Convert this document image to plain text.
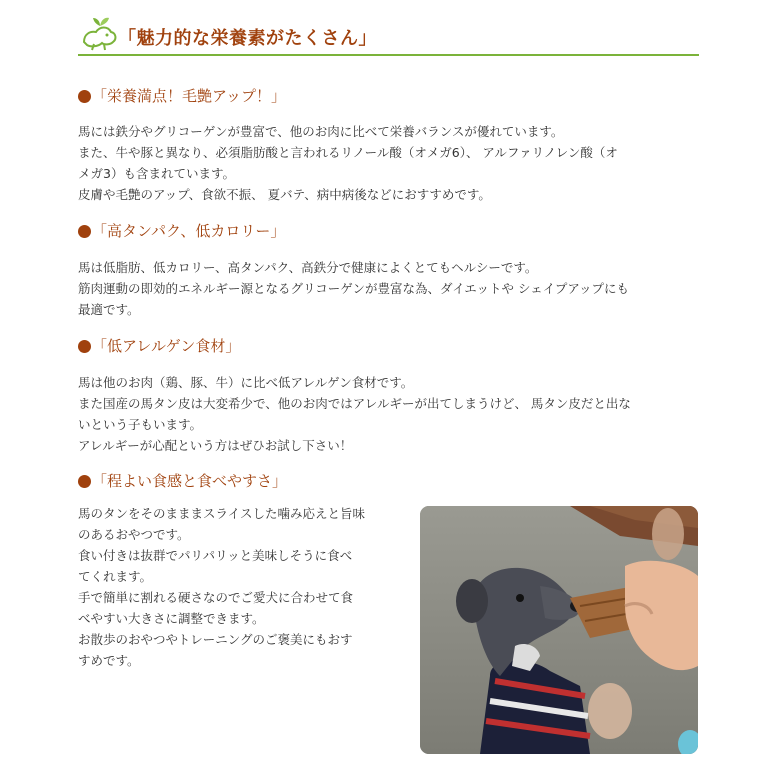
「魅力的な栄養素がたくさん」
「栄養満点！毛艶アップ！」
馬には鉄分やグリコーゲンが豊富で、他のお肉に比べて栄養バランスが優れています。
また、牛や豚と異なり、必須脂肪酸と言われるリノール酸（オメガ6）、 アルファリノレン酸（オ
メガ3）も含まれています。
皮膚や毛艶のアップ、食欲不振、 夏バテ、病中病後などにおすすめです。
「高タンパク、低カロリー」
馬は低脂肪、低カロリー、高タンパク、高鉄分で健康によくとてもヘルシーです。
筋肉運動の即効的エネルギー源となるグリコーゲンが豊富な為、ダイエットや シェイプアップにも
最適です。
「低アレルゲン食材」
馬は他のお肉（鶏、豚、牛）に比べ低アレルゲン食材です。
また国産の馬タン皮は大変希少で、他のお肉ではアレルギーが出てしまうけど、 馬タン皮だと出な
いという子もいます。
アレルギーが心配という方はぜひお試し下さい！
「程よい食感と食べやすさ」
馬のタンをそのまままスライスした噛み応えと旨味
のあるおやつです。
食い付きは抜群でパリパリッと美味しそうに食べ
てくれます。
手で簡単に割れる硬さなのでご愛犬に合わせて食
べやすい大きさに調整できます。
お散歩のおやつやトレーニングのご褒美にもおす
すめです。
